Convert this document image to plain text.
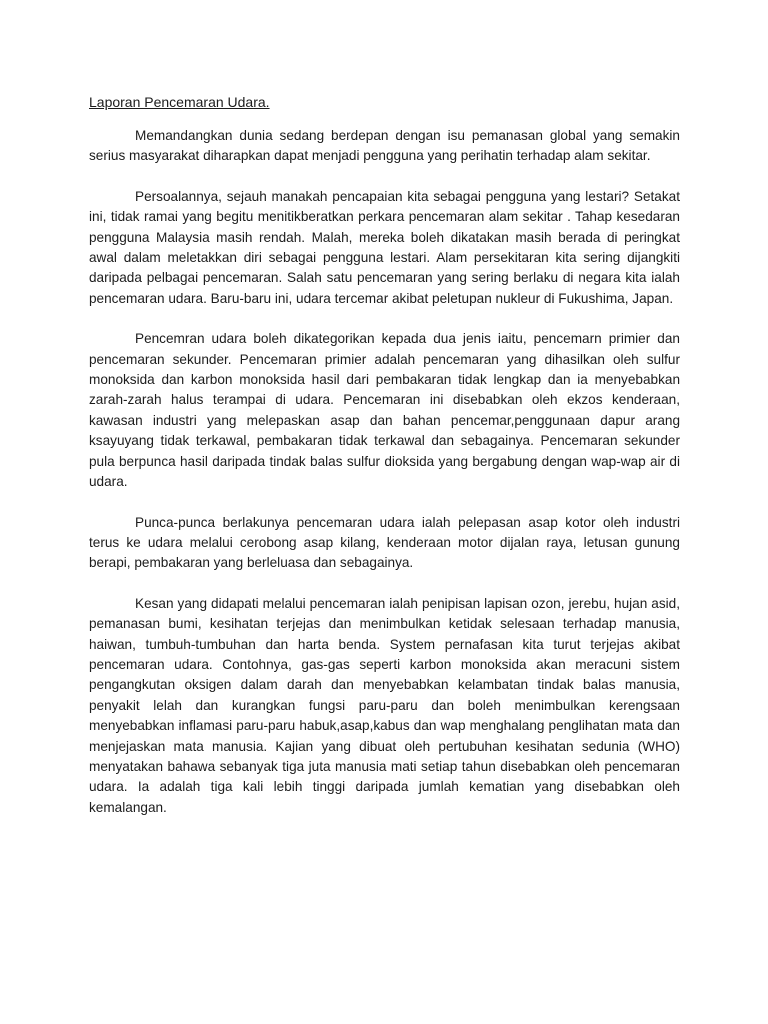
Laporan Pencemaran Udara.

Memandangkan dunia sedang berdepan dengan isu pemanasan global yang semakin serius masyarakat diharapkan dapat menjadi pengguna yang perihatin terhadap alam sekitar.

Persoalannya, sejauh manakah pencapaian kita sebagai pengguna yang lestari? Setakat ini, tidak ramai yang begitu menitikberatkan perkara pencemaran alam sekitar . Tahap kesedaran pengguna Malaysia masih rendah. Malah, mereka boleh dikatakan masih berada di peringkat awal dalam meletakkan diri sebagai pengguna lestari. Alam persekitaran kita sering dijangkiti daripada pelbagai pencemaran. Salah satu pencemaran yang sering berlaku di negara kita ialah pencemaran udara. Baru-baru ini, udara tercemar akibat peletupan nukleur di Fukushima, Japan.

Pencemran udara boleh dikategorikan kepada dua jenis iaitu, pencemarn primier dan pencemaran sekunder. Pencemaran primier adalah pencemaran yang dihasilkan oleh sulfur monoksida dan karbon monoksida hasil dari pembakaran tidak lengkap dan ia menyebabkan zarah-zarah halus terampai di udara. Pencemaran ini disebabkan oleh ekzos kenderaan, kawasan industri yang melepaskan asap dan bahan pencemar,penggunaan dapur arang ksayuyang tidak terkawal, pembakaran tidak terkawal dan sebagainya. Pencemaran sekunder pula berpunca hasil daripada tindak balas sulfur dioksida yang bergabung dengan wap-wap air di udara.

Punca-punca berlakunya pencemaran udara ialah pelepasan asap kotor oleh industri terus ke udara melalui cerobong asap kilang, kenderaan motor dijalan raya, letusan gunung berapi, pembakaran yang berleluasa dan sebagainya.

Kesan yang didapati melalui pencemaran ialah penipisan lapisan ozon, jerebu, hujan asid, pemanasan bumi, kesihatan terjejas dan menimbulkan ketidak selesaan terhadap manusia, haiwan, tumbuh-tumbuhan dan harta benda. System pernafasan kita turut terjejas akibat pencemaran udara. Contohnya, gas-gas seperti karbon monoksida akan meracuni sistem pengangkutan oksigen dalam darah dan menyebabkan kelambatan tindak balas manusia, penyakit lelah dan kurangkan fungsi paru-paru dan boleh menimbulkan kerengsaan menyebabkan inflamasi paru-paru habuk,asap,kabus dan wap menghalang penglihatan mata dan menjejaskan mata manusia. Kajian yang dibuat oleh pertubuhan kesihatan sedunia (WHO) menyatakan bahawa sebanyak tiga juta manusia mati setiap tahun disebabkan oleh pencemaran udara. Ia adalah tiga kali lebih tinggi daripada jumlah kematian yang disebabkan oleh kemalangan.
